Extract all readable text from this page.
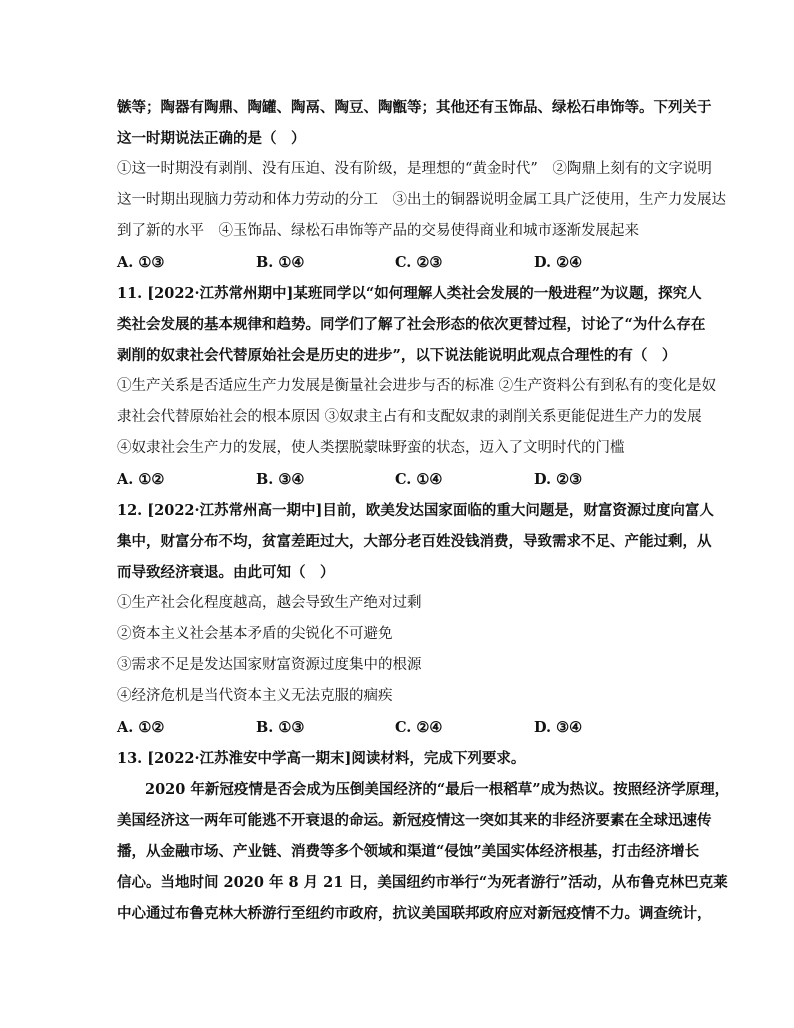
镞等；陶器有陶鼎、陶罐、陶鬲、陶豆、陶甑等；其他还有玉饰品、绿松石串饰等。下列关于
这一时期说法正确的是（　）
①这一时期没有剥削、没有压迫、没有阶级，是理想的“黄金时代”　②陶鼎上刻有的文字说明
这一时期出现脑力劳动和体力劳动的分工　③出土的铜器说明金属工具广泛使用，生产力发展达
到了新的水平　④玉饰品、绿松石串饰等产品的交易使得商业和城市逐渐发展起来
A. ①③	B. ①④	C. ②③	D. ②④
11. [2022·江苏常州期中]某班同学以“如何理解人类社会发展的一般进程”为议题，探究人
类社会发展的基本规律和趋势。同学们了解了社会形态的依次更替过程，讨论了“为什么存在
剥削的奴隶社会代替原始社会是历史的进步”，以下说法能说明此观点合理性的有（　）
①生产关系是否适应生产力发展是衡量社会进步与否的标准 ②生产资料公有到私有的变化是奴
隶社会代替原始社会的根本原因 ③奴隶主占有和支配奴隶的剥削关系更能促进生产力的发展
④奴隶社会生产力的发展，使人类摆脱蒙昧野蛮的状态，迈入了文明时代的门槛
A. ①②	B. ③④	C. ①④	D. ②③
12. [2022·江苏常州高一期中]目前，欧美发达国家面临的重大问题是，财富资源过度向富人
集中，财富分布不均，贫富差距过大，大部分老百姓没钱消费，导致需求不足、产能过剩，从
而导致经济衰退。由此可知（　）
①生产社会化程度越高，越会导致生产绝对过剩
②资本主义社会基本矛盾的尖锐化不可避免
③需求不足是发达国家财富资源过度集中的根源
④经济危机是当代资本主义无法克服的痼疾
A. ①②	B. ①③	C. ②④	D. ③④
13. [2022·江苏淮安中学高一期末]阅读材料，完成下列要求。
2020 年新冠疫情是否会成为压倒美国经济的“最后一根稻草”成为热议。按照经济学原理，
美国经济这一两年可能逃不开衰退的命运。新冠疫情这一突如其来的非经济要素在全球迅速传
播，从金融市场、产业链、消费等多个领域和渠道“侵蚀”美国实体经济根基，打击经济增长
信心。当地时间 2020 年 8 月 21 日，美国纽约市举行“为死者游行”活动，从布鲁克林巴克莱
中心通过布鲁克林大桥游行至纽约市政府，抗议美国联邦政府应对新冠疫情不力。调查统计，
